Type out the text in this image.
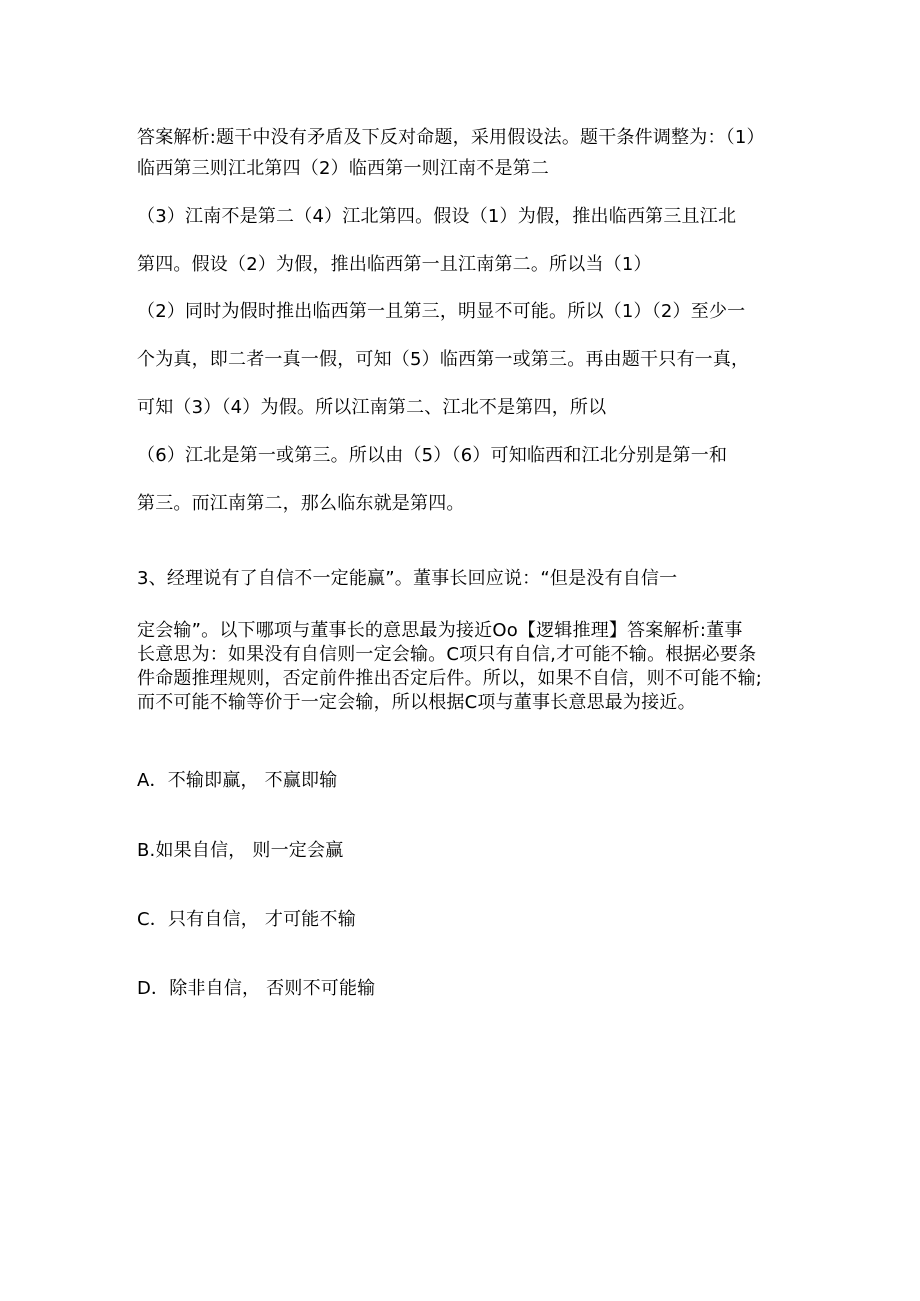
答案解析:题干中没有矛盾及下反对命题，采用假设法。题干条件调整为：（1）
临西第三则江北第四（2）临西第一则江南不是第二
（3）江南不是第二（4）江北第四。假设（1）为假，推出临西第三且江北
第四。假设（2）为假，推出临西第一且江南第二。所以当（1）
（2）同时为假时推出临西第一且第三，明显不可能。所以（1）（2）至少一
个为真，即二者一真一假，可知（5）临西第一或第三。再由题干只有一真，
可知（3）（4）为假。所以江南第二、江北不是第四，所以
（6）江北是第一或第三。所以由（5）（6）可知临西和江北分别是第一和
第三。而江南第二，那么临东就是第四。
3、经理说有了自信不一定能赢”。董事长回应说：“但是没有自信一
定会输”。以下哪项与董事长的意思最为接近Oo【逻辑推理】答案解析:董事
长意思为：如果没有自信则一定会输。C项只有自信,才可能不输。根据必要条
件命题推理规则，否定前件推出否定后件。所以，如果不自信，则不可能不输;
而不可能不输等价于一定会输，所以根据C项与董事长意思最为接近。
A．不输即赢， 不赢即输
B.如果自信， 则一定会赢
C．只有自信， 才可能不输
D．除非自信， 否则不可能输
